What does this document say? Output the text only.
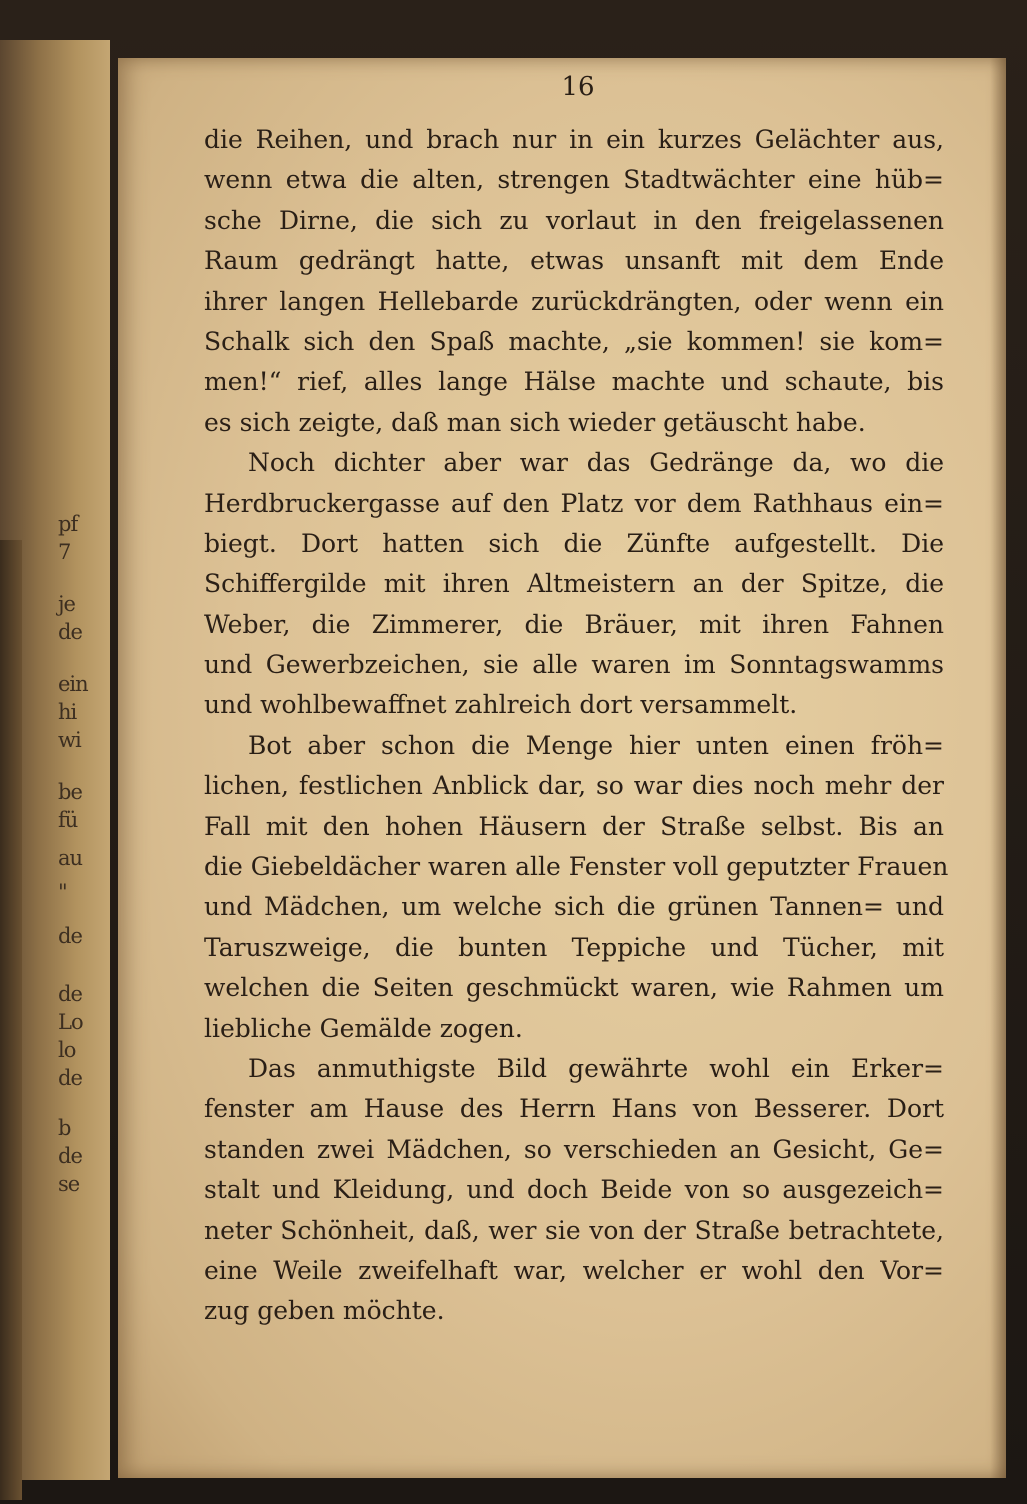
pf
7
je
de
ein
hi
wi
be
fü
au
"
de
de
Lo
lo
de
b
de
se
16
die Reihen, und brach nur in ein kurzes Gelächter aus,
wenn etwa die alten, strengen Stadtwächter eine hüb=
sche Dirne, die sich zu vorlaut in den freigelassenen
Raum gedrängt hatte, etwas unsanft mit dem Ende
ihrer langen Hellebarde zurückdrängten, oder wenn ein
Schalk sich den Spaß machte, „sie kommen! sie kom=
men!“ rief, alles lange Hälse machte und schaute, bis
es sich zeigte, daß man sich wieder getäuscht habe.
Noch dichter aber war das Gedränge da, wo die
Herdbruckergasse auf den Platz vor dem Rathhaus ein=
biegt. Dort hatten sich die Zünfte aufgestellt. Die
Schiffergilde mit ihren Altmeistern an der Spitze, die
Weber, die Zimmerer, die Bräuer, mit ihren Fahnen
und Gewerbzeichen, sie alle waren im Sonntagswamms
und wohlbewaffnet zahlreich dort versammelt.
Bot aber schon die Menge hier unten einen fröh=
lichen, festlichen Anblick dar, so war dies noch mehr der
Fall mit den hohen Häusern der Straße selbst. Bis an
die Giebeldächer waren alle Fenster voll geputzter Frauen
und Mädchen, um welche sich die grünen Tannen= und
Taruszweige, die bunten Teppiche und Tücher, mit
welchen die Seiten geschmückt waren, wie Rahmen um
liebliche Gemälde zogen.
Das anmuthigste Bild gewährte wohl ein Erker=
fenster am Hause des Herrn Hans von Besserer. Dort
standen zwei Mädchen, so verschieden an Gesicht, Ge=
stalt und Kleidung, und doch Beide von so ausgezeich=
neter Schönheit, daß, wer sie von der Straße betrachtete,
eine Weile zweifelhaft war, welcher er wohl den Vor=
zug geben möchte.
